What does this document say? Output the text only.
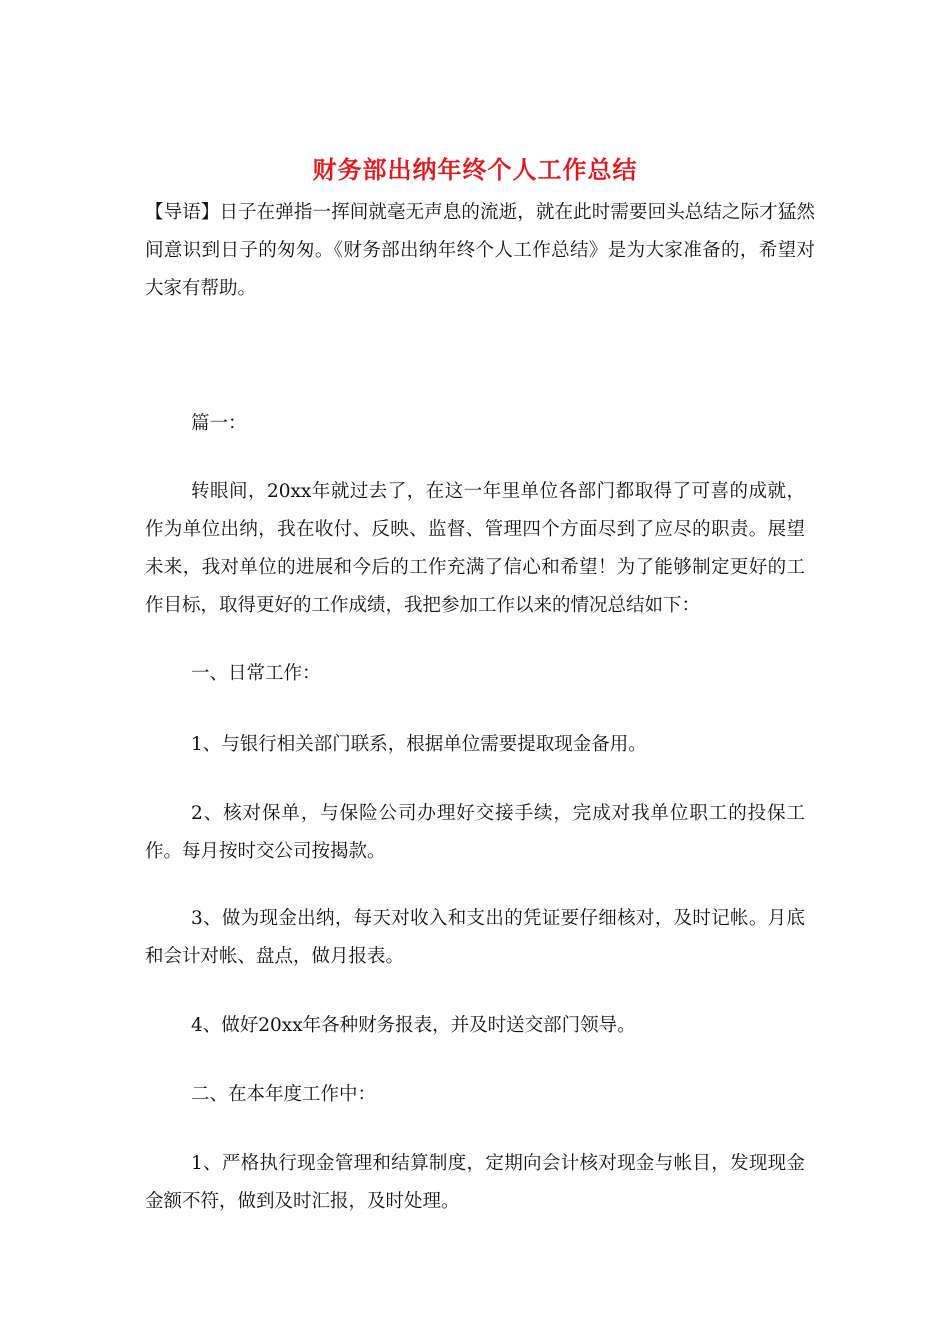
财务部出纳年终个人工作总结
【导语】日子在弹指一挥间就毫无声息的流逝，就在此时需要回头总结之际才猛然间意识到日子的匆匆。《财务部出纳年终个人工作总结》是为大家准备的，希望对大家有帮助。
篇一：
转眼间，20xx年就过去了，在这一年里单位各部门都取得了可喜的成就，作为单位出纳，我在收付、反映、监督、管理四个方面尽到了应尽的职责。展望未来，我对单位的进展和今后的工作充满了信心和希望！为了能够制定更好的工作目标，取得更好的工作成绩，我把参加工作以来的情况总结如下：
一、日常工作：
1、与银行相关部门联系，根据单位需要提取现金备用。
2、核对保单，与保险公司办理好交接手续，完成对我单位职工的投保工作。每月按时交公司按揭款。
3、做为现金出纳，每天对收入和支出的凭证要仔细核对，及时记帐。月底和会计对帐、盘点，做月报表。
4、做好20xx年各种财务报表，并及时送交部门领导。
二、在本年度工作中：
1、严格执行现金管理和结算制度，定期向会计核对现金与帐目，发现现金金额不符，做到及时汇报，及时处理。
